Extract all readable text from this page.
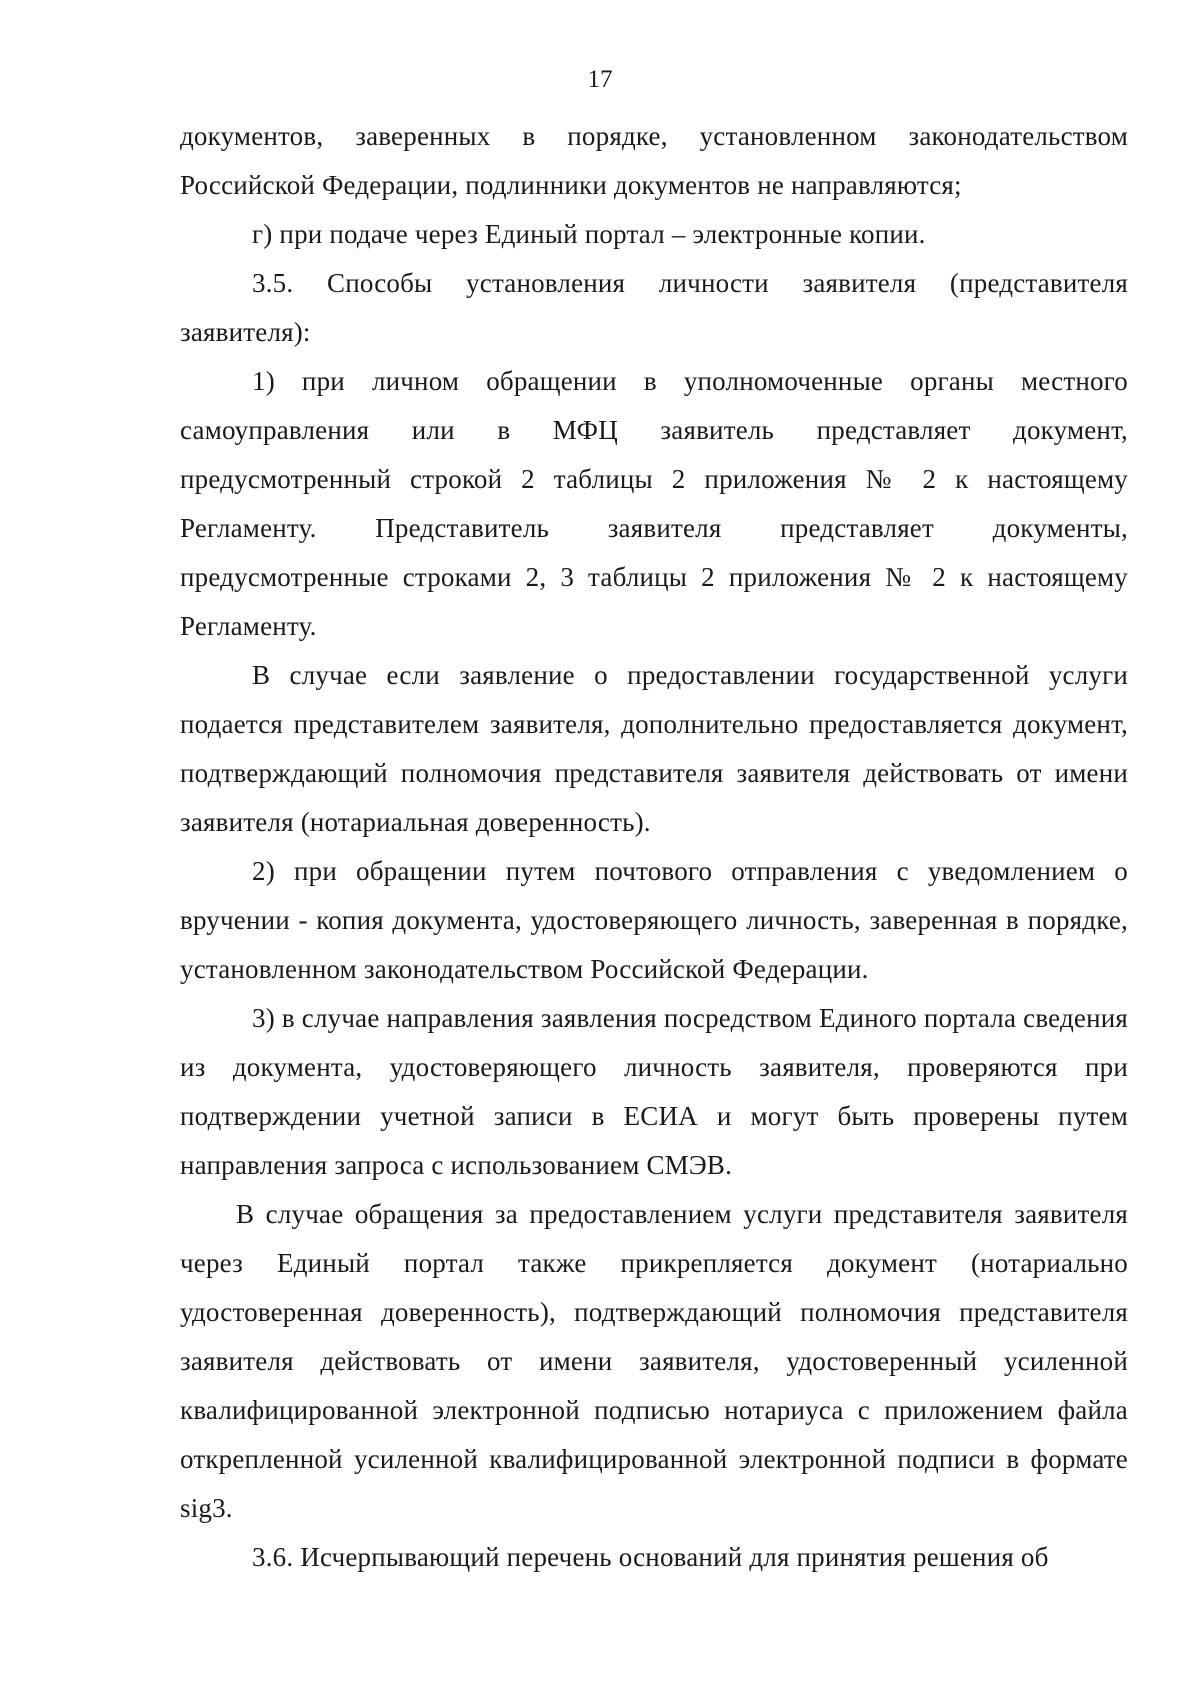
17

документов, заверенных в порядке, установленном законодательством Российской Федерации, подлинники документов не направляются;

г) при подаче через Единый портал – электронные копии.

3.5. Способы установления личности заявителя (представителя заявителя):

1) при личном обращении в уполномоченные органы местного самоуправления или в МФЦ заявитель представляет документ, предусмотренный строкой 2 таблицы 2 приложения № 2 к настоящему Регламенту. Представитель заявителя представляет документы, предусмотренные строками 2, 3 таблицы 2 приложения № 2 к настоящему Регламенту.

В случае если заявление о предоставлении государственной услуги подается представителем заявителя, дополнительно предоставляется документ, подтверждающий полномочия представителя заявителя действовать от имени заявителя (нотариальная доверенность).

2) при обращении путем почтового отправления с уведомлением о вручении - копия документа, удостоверяющего личность, заверенная в порядке, установленном законодательством Российской Федерации.

3) в случае направления заявления посредством Единого портала сведения из документа, удостоверяющего личность заявителя, проверяются при подтверждении учетной записи в ЕСИА и могут быть проверены путем направления запроса с использованием СМЭВ.

В случае обращения за предоставлением услуги представителя заявителя через Единый портал также прикрепляется документ (нотариально удостоверенная доверенность), подтверждающий полномочия представителя заявителя действовать от имени заявителя, удостоверенный усиленной квалифицированной электронной подписью нотариуса с приложением файла открепленной усиленной квалифицированной электронной подписи в формате sig3.

3.6. Исчерпывающий перечень оснований для принятия решения об
